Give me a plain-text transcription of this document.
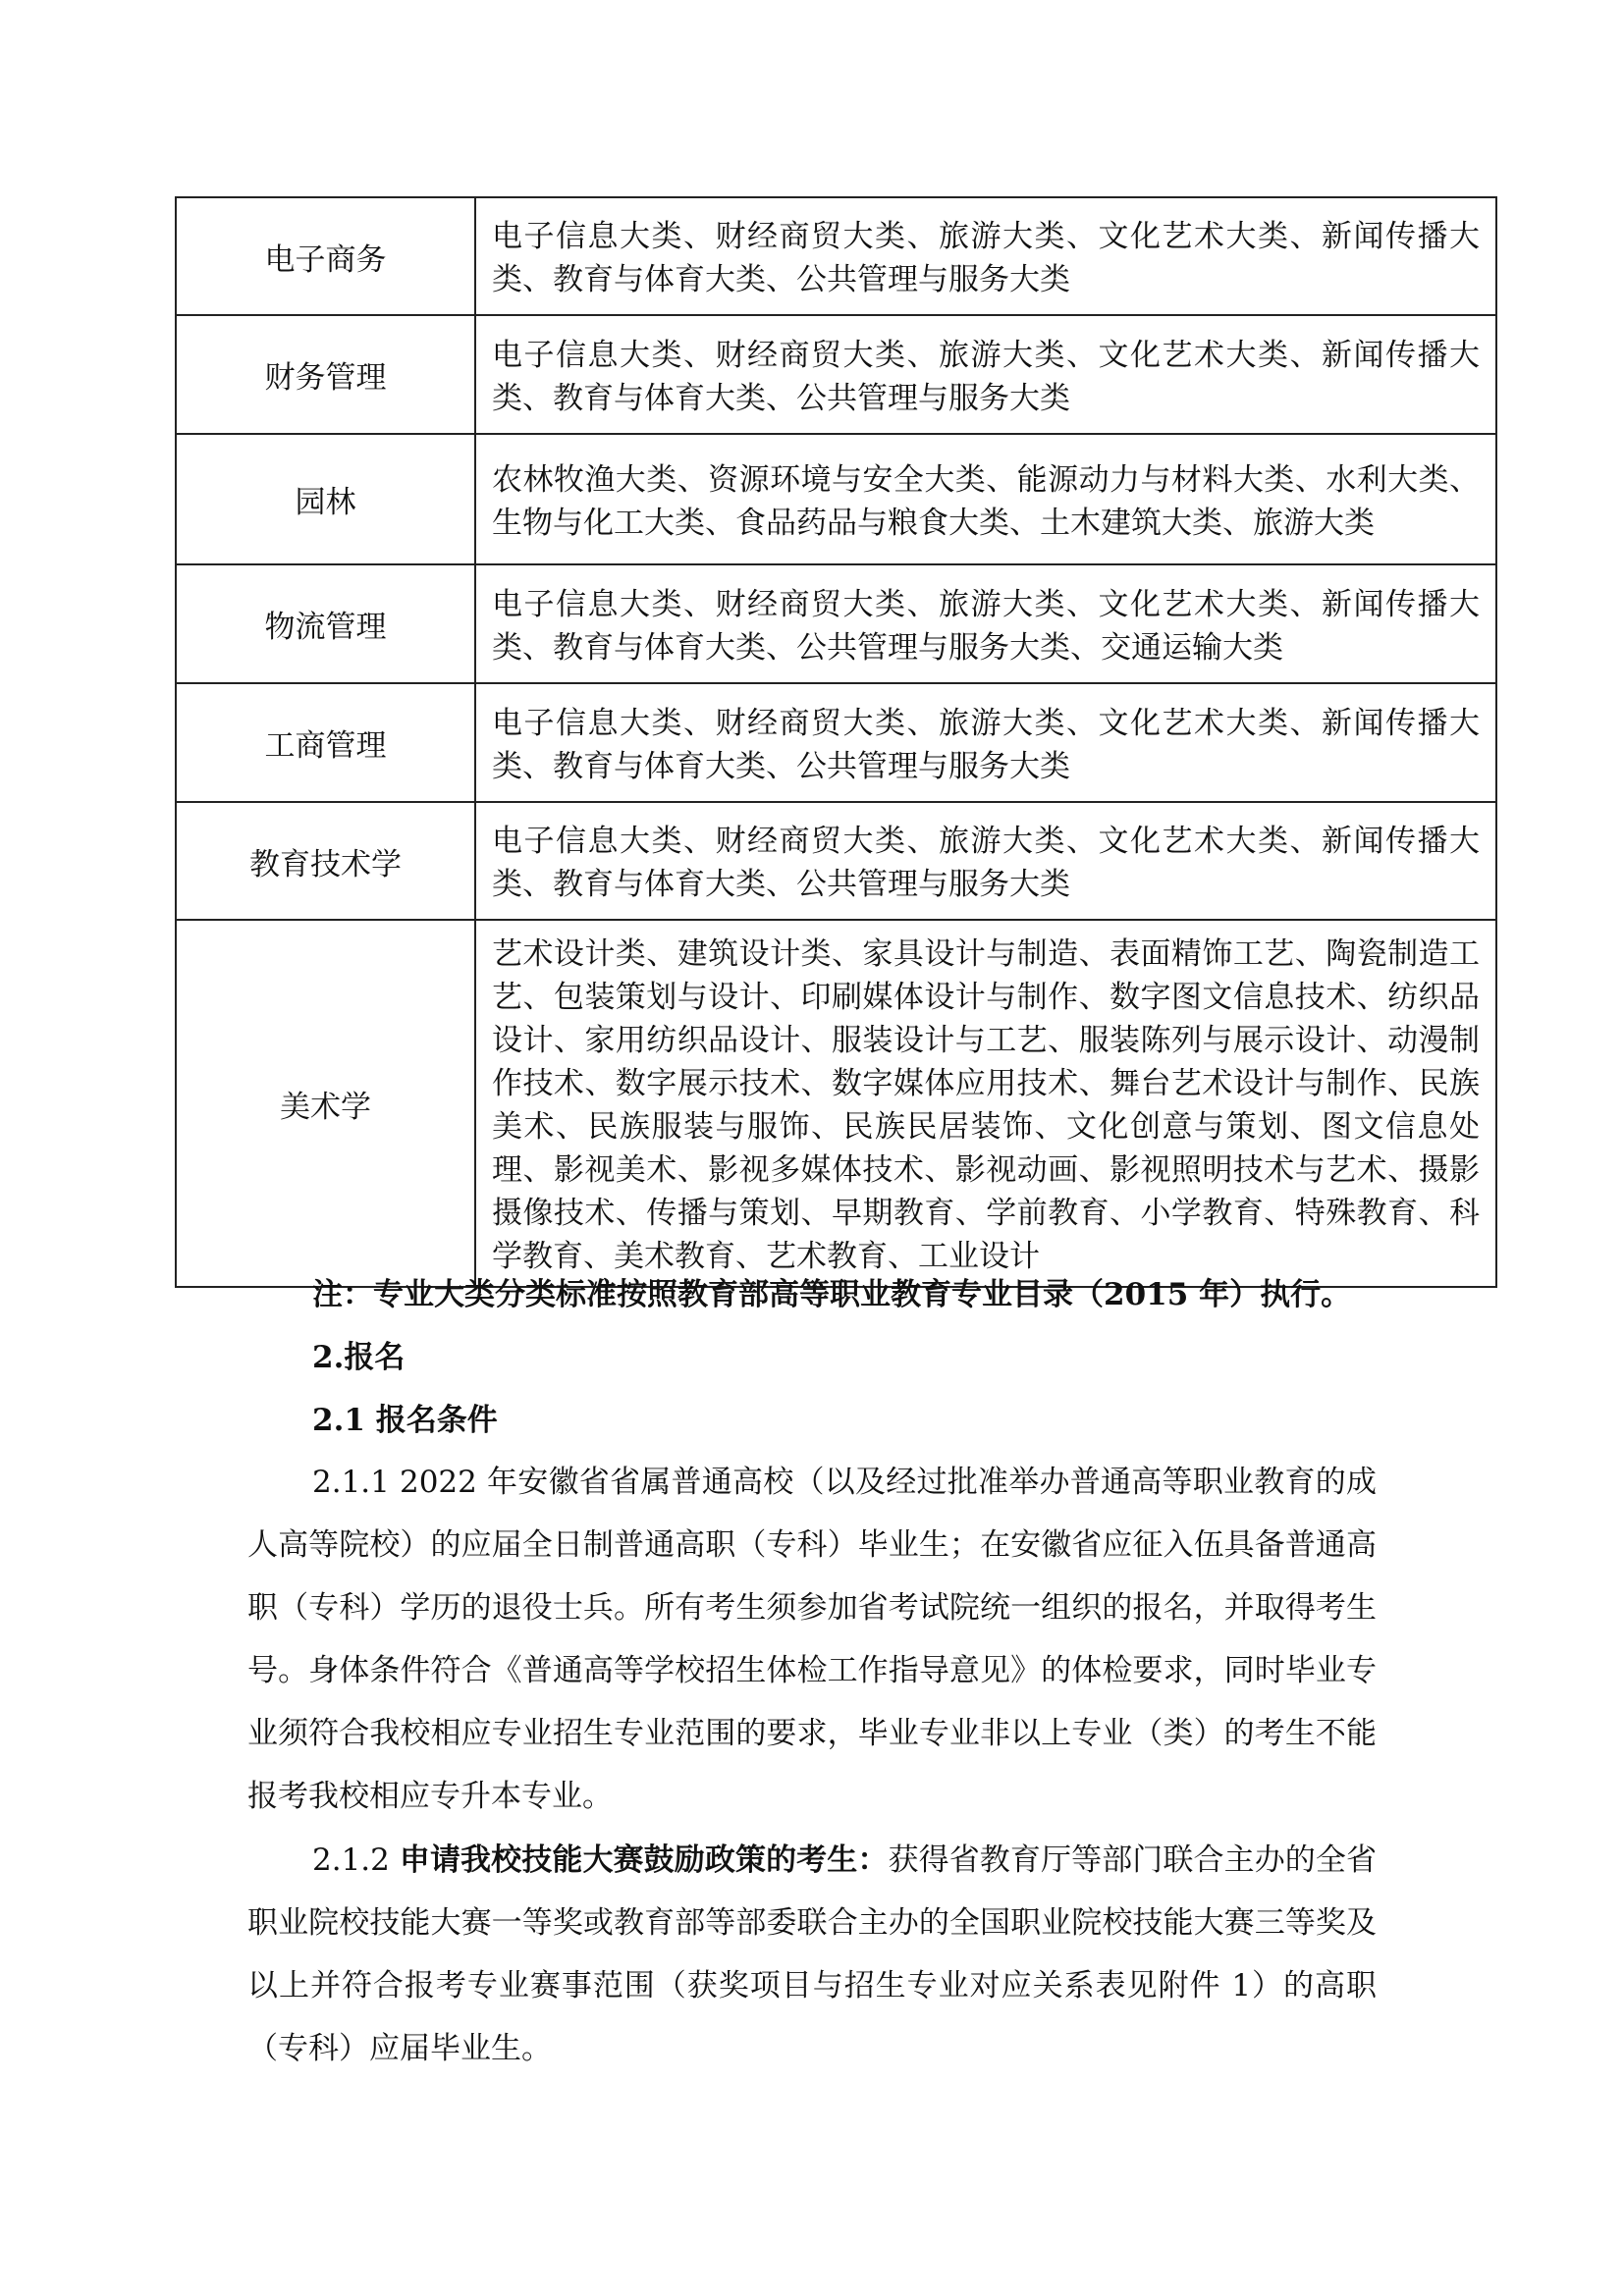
电子商务	电子信息大类、财经商贸大类、旅游大类、文化艺术大类、新闻传播大类、教育与体育大类、公共管理与服务大类
财务管理	电子信息大类、财经商贸大类、旅游大类、文化艺术大类、新闻传播大类、教育与体育大类、公共管理与服务大类
园林	农林牧渔大类、资源环境与安全大类、能源动力与材料大类、水利大类、生物与化工大类、食品药品与粮食大类、土木建筑大类、旅游大类
物流管理	电子信息大类、财经商贸大类、旅游大类、文化艺术大类、新闻传播大类、教育与体育大类、公共管理与服务大类、交通运输大类
工商管理	电子信息大类、财经商贸大类、旅游大类、文化艺术大类、新闻传播大类、教育与体育大类、公共管理与服务大类
教育技术学	电子信息大类、财经商贸大类、旅游大类、文化艺术大类、新闻传播大类、教育与体育大类、公共管理与服务大类
美术学	艺术设计类、建筑设计类、家具设计与制造、表面精饰工艺、陶瓷制造工艺、包装策划与设计、印刷媒体设计与制作、数字图文信息技术、纺织品设计、家用纺织品设计、服装设计与工艺、服装陈列与展示设计、动漫制作技术、数字展示技术、数字媒体应用技术、舞台艺术设计与制作、民族美术、民族服装与服饰、民族民居装饰、文化创意与策划、图文信息处理、影视美术、影视多媒体技术、影视动画、影视照明技术与艺术、摄影摄像技术、传播与策划、早期教育、学前教育、小学教育、特殊教育、科学教育、美术教育、艺术教育、工业设计
注：专业大类分类标准按照教育部高等职业教育专业目录（2015 年）执行。
2.报名
2.1 报名条件
2.1.1 2022 年安徽省省属普通高校（以及经过批准举办普通高等职业教育的成人高等院校）的应届全日制普通高职（专科）毕业生；在安徽省应征入伍具备普通高职（专科）学历的退役士兵。所有考生须参加省考试院统一组织的报名，并取得考生号。身体条件符合《普通高等学校招生体检工作指导意见》的体检要求，同时毕业专业须符合我校相应专业招生专业范围的要求，毕业专业非以上专业（类）的考生不能报考我校相应专升本专业。
2.1.2 申请我校技能大赛鼓励政策的考生：获得省教育厅等部门联合主办的全省职业院校技能大赛一等奖或教育部等部委联合主办的全国职业院校技能大赛三等奖及以上并符合报考专业赛事范围（获奖项目与招生专业对应关系表见附件 1）的高职（专科）应届毕业生。
